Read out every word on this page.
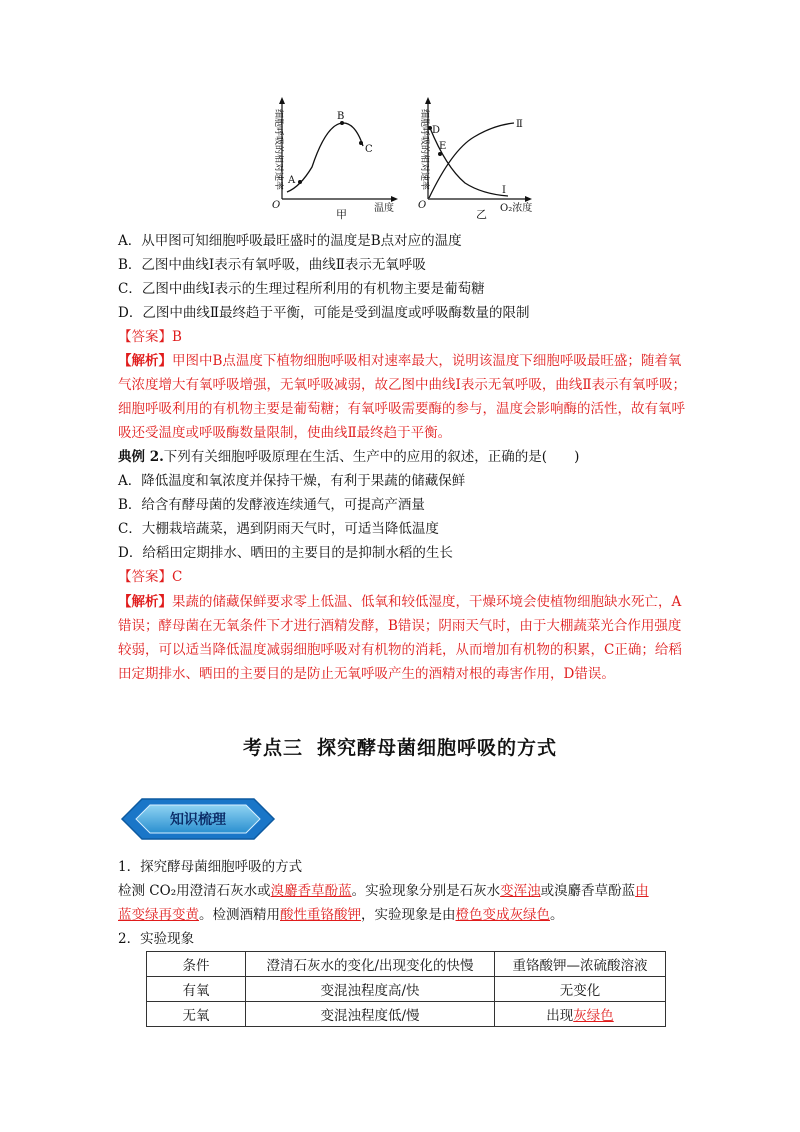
A
B
C
细胞呼吸的相对速率
O	温度
甲
D
E
Ⅱ
Ⅰ
细胞呼吸的相对速率
O	O₂浓度
乙
A．从甲图可知细胞呼吸最旺盛时的温度是B点对应的温度
B．乙图中曲线Ⅰ表示有氧呼吸，曲线Ⅱ表示无氧呼吸
C．乙图中曲线Ⅰ表示的生理过程所利用的有机物主要是葡萄糖
D．乙图中曲线Ⅱ最终趋于平衡，可能是受到温度或呼吸酶数量的限制
【答案】B
【解析】甲图中B点温度下植物细胞呼吸相对速率最大，说明该温度下细胞呼吸最旺盛；随着氧气浓度增大有氧呼吸增强，无氧呼吸减弱，故乙图中曲线Ⅰ表示无氧呼吸，曲线Ⅱ表示有氧呼吸；细胞呼吸利用的有机物主要是葡萄糖；有氧呼吸需要酶的参与，温度会影响酶的活性，故有氧呼吸还受温度或呼吸酶数量限制，使曲线Ⅱ最终趋于平衡。
典例 2.下列有关细胞呼吸原理在生活、生产中的应用的叙述，正确的是(　　)
A．降低温度和氧浓度并保持干燥，有利于果蔬的储藏保鲜
B．给含有酵母菌的发酵液连续通气，可提高产酒量
C．大棚栽培蔬菜，遇到阴雨天气时，可适当降低温度
D．给稻田定期排水、晒田的主要目的是抑制水稻的生长
【答案】C
【解析】果蔬的储藏保鲜要求零上低温、低氧和较低湿度，干燥环境会使植物细胞缺水死亡，A错误；酵母菌在无氧条件下才进行酒精发酵，B错误；阴雨天气时，由于大棚蔬菜光合作用强度较弱，可以适当降低温度减弱细胞呼吸对有机物的消耗，从而增加有机物的积累，C正确；给稻田定期排水、晒田的主要目的是防止无氧呼吸产生的酒精对根的毒害作用，D错误。
考点三 探究酵母菌细胞呼吸的方式
知识梳理
1．探究酵母菌细胞呼吸的方式
检测 CO₂用澄清石灰水或溴麝香草酚蓝。实验现象分别是石灰水变浑浊或溴麝香草酚蓝由
蓝变绿再变黄。检测酒精用酸性重铬酸钾，实验现象是由橙色变成灰绿色。
2．实验现象
条件	澄清石灰水的变化/出现变化的快慢	重铬酸钾—浓硫酸溶液
有氧	变混浊程度高/快	无变化
无氧	变混浊程度低/慢	出现灰绿色
